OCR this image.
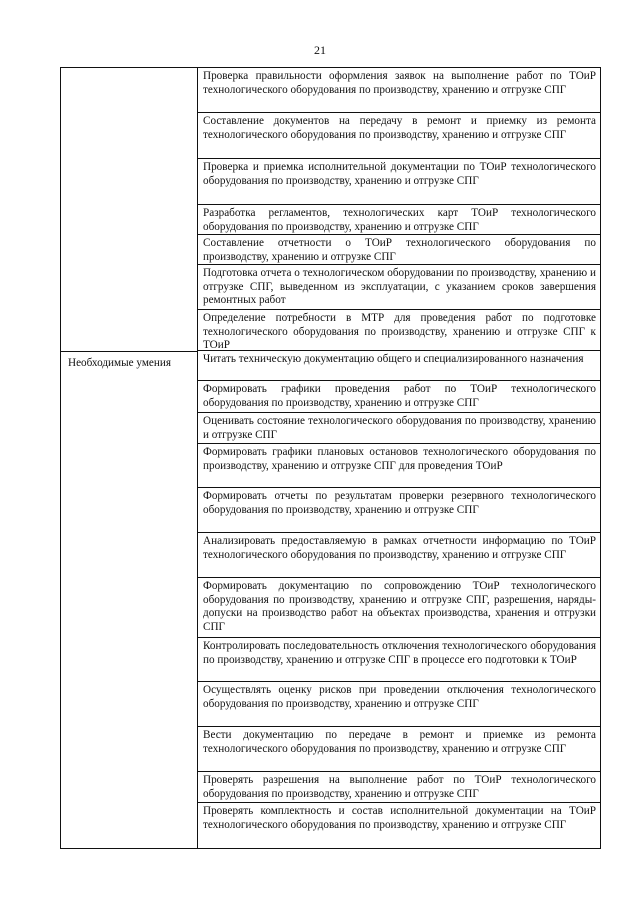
21
Необходимые умения
Проверка правильности оформления заявок на выполнение работ по ТОиР технологического оборудования по производству, хранению и отгрузке СПГ
Составление документов на передачу в ремонт и приемку из ремонта технологического оборудования по производству, хранению и отгрузке СПГ
Проверка и приемка исполнительной документации по ТОиР технологического оборудования по производству, хранению и отгрузке СПГ
Разработка регламентов, технологических карт ТОиР технологического оборудования по производству, хранению и отгрузке СПГ
Составление отчетности о ТОиР технологического оборудования по производству, хранению и отгрузке СПГ
Подготовка отчета о технологическом оборудовании по производству, хранению и отгрузке СПГ, выведенном из эксплуатации, с указанием сроков завершения ремонтных работ
Определение потребности в МТР для проведения работ по подготовке технологического оборудования по производству, хранению и отгрузке СПГ к ТОиР
Читать техническую документацию общего и специализированного назначения
Формировать графики проведения работ по ТОиР технологического оборудования по производству, хранению и отгрузке СПГ
Оценивать состояние технологического оборудования по производству, хранению и отгрузке СПГ
Формировать графики плановых остановов технологического оборудования по производству, хранению и отгрузке СПГ для проведения ТОиР
Формировать отчеты по результатам проверки резервного технологического оборудования по производству, хранению и отгрузке СПГ
Анализировать предоставляемую в рамках отчетности информацию по ТОиР технологического оборудования по производству, хранению и отгрузке СПГ
Формировать документацию по сопровождению ТОиР технологического оборудования по производству, хранению и отгрузке СПГ, разрешения, наряды-допуски на производство работ на объектах производства, хранения и отгрузки СПГ
Контролировать последовательность отключения технологического оборудования по производству, хранению и отгрузке СПГ в процессе его подготовки к ТОиР
Осуществлять оценку рисков при проведении отключения технологического оборудования по производству, хранению и отгрузке СПГ
Вести документацию по передаче в ремонт и приемке из ремонта технологического оборудования по производству, хранению и отгрузке СПГ
Проверять разрешения на выполнение работ по ТОиР технологического оборудования по производству, хранению и отгрузке СПГ
Проверять комплектность и состав исполнительной документации на ТОиР технологического оборудования по производству, хранению и отгрузке СПГ
